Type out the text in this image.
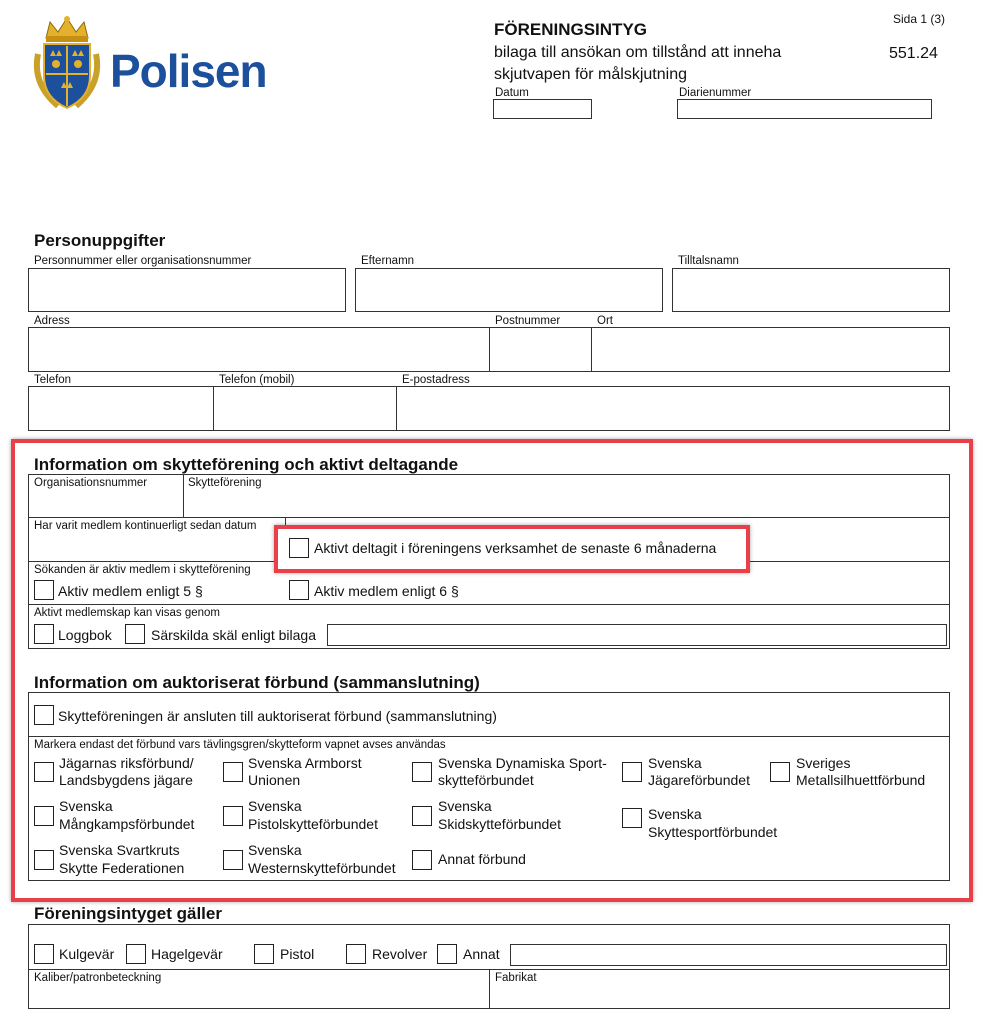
Polisen
FÖRENINGSINTYG
bilaga till ansökan om tillstånd att inneha
skjutvapen för målskjutning
Sida 1 (3)
551.24
Datum	Diarienummer
Personuppgifter
Personnummer eller organisationsnummer	Efternamn	Tilltalsnamn
Adress	Postnummer	Ort
Telefon	Telefon (mobil)	E-postadress
Information om skytteförening och aktivt deltagande
Organisationsnummer	Skytteförening
Har varit medlem kontinuerligt sedan datum
Sökanden är aktiv medlem i skytteförening
Aktiv medlem enligt 5 §	Aktiv medlem enligt 6 §
Aktivt medlemskap kan visas genom
Loggbok	Särskilda skäl enligt bilaga
Aktivt deltagit i föreningens verksamhet de senaste 6 månaderna
Information om auktoriserat förbund (sammanslutning)
Skytteföreningen är ansluten till auktoriserat förbund (sammanslutning)
Markera endast det förbund vars tävlingsgren/skytteform vapnet avses användas
Jägarnas riksförbund/
Landsbygdens jägare
Svenska Armborst
Unionen
Svenska Dynamiska Sport-
skytteförbundet
Svenska
Jägareförbundet
Sveriges
Metallsilhuettförbund
Svenska
Mångkampsförbundet
Svenska
Pistolskytteförbundet
Svenska
Skidskytteförbundet
Svenska
Skyttesportförbundet
Svenska Svartkruts
Skytte Federationen
Svenska
Westernskytteförbundet
Annat förbund
Föreningsintyget gäller
Kulgevär	Hagelgevär	Pistol	Revolver	Annat
Kaliber/patronbeteckning	Fabrikat
